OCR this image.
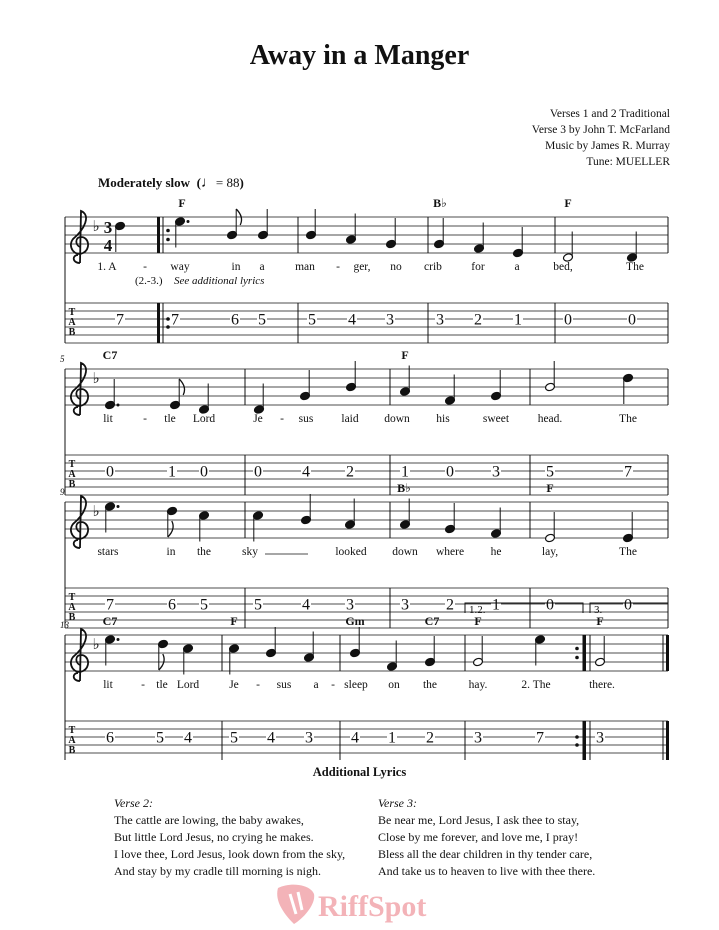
Away in a Manger
Verses 1 and 2 Traditional
Verse 3 by John T. McFarland
Music by James R. Murray
Tune: MUELLER
Moderately slow  (♩= 88)
♭ 3
4
T
A
B
F	B♭	F
1. A - way	in a	man - ger, no crib	for	a	bed,	The
7	7	6 5	5 4 3	3 2 1	0	0
♭
T
A
B
5	C7	F
lit	- tle Lord	Je - sus laid down his	sweet head.	The
0	1 0	0	4 2	1 0 3	5	7
♭
T
A
B
9	B♭	F
stars	in the	sky	looked down where he	lay,	The
7	6 5	5	4 3	3 2 1	0	0
1.2.	3.
♭
T
A
B
13	C7	F	Gm	C7	F	F
lit - tle Lord	Je - sus a - sleep on the	hay.	2. The	there.
6	5 4 5 4 3 4 1 2	3	7	3
(2.-3.) See additional lyrics
Additional Lyrics
Verse 2:
The cattle are lowing, the baby awakes,
But little Lord Jesus, no crying he makes.
I love thee, Lord Jesus, look down from the sky,
And stay by my cradle till morning is nigh.
Verse 3:
Be near me, Lord Jesus, I ask thee to stay,
Close by me forever, and love me, I pray!
Bless all the dear children in thy tender care,
And take us to heaven to live with thee there.
RiffSpot
